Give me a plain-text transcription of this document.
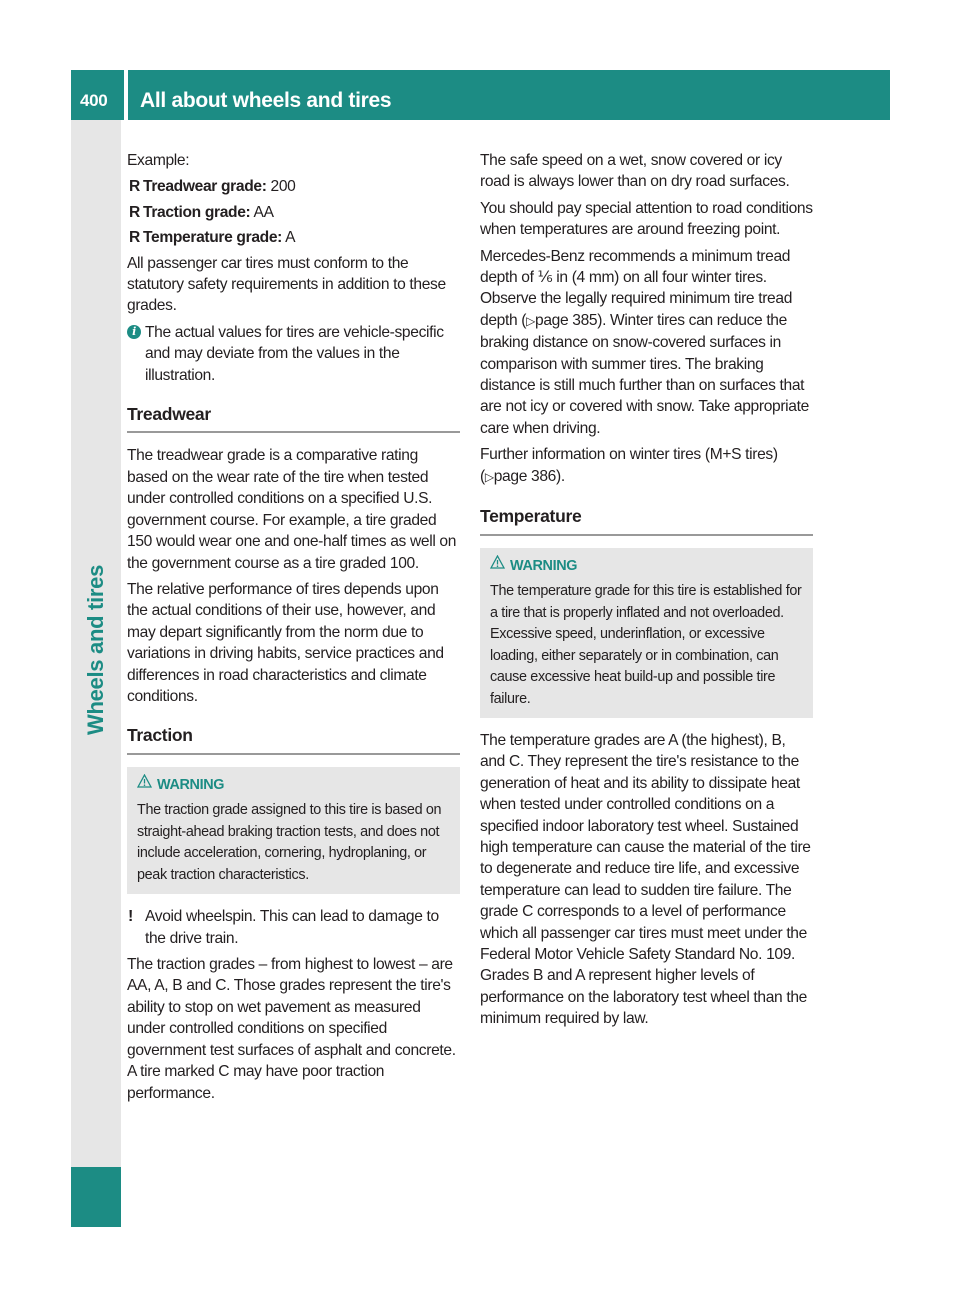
400 All about wheels and tires
Wheels and tires

Example:

R Treadwear grade: 200
R Traction grade: AA
R Temperature grade: A

All passenger car tires must conform to the statutory safety requirements in addition to these grades.

i The actual values for tires are vehicle-specific and may deviate from the values in the illustration.
Treadwear

The treadwear grade is a comparative rating based on the wear rate of the tire when tested under controlled conditions on a specified U.S. government course. For example, a tire graded 150 would wear one and one-half times as well on the government course as a tire graded 100.

The relative performance of tires depends upon the actual conditions of their use, however, and may depart significantly from the norm due to variations in driving habits, service practices and differences in road characteristics and climate conditions.

Traction
WARNING
The traction grade assigned to this tire is based on straight-ahead braking traction tests, and does not include acceleration, cornering, hydroplaning, or peak traction characteristics.
! Avoid wheelspin. This can lead to damage to the drive train.

The traction grades – from highest to lowest – are AA, A, B and C. Those grades represent the tire's ability to stop on wet pavement as measured under controlled conditions on specified government test surfaces of asphalt and concrete. A tire marked C may have poor traction performance.

The safe speed on a wet, snow covered or icy road is always lower than on dry road surfaces.

You should pay special attention to road conditions when temperatures are around freezing point.

Mercedes-Benz recommends a minimum tread depth of ⅙ in (4 mm) on all four winter tires. Observe the legally required minimum tire tread depth (▷page 385). Winter tires can reduce the braking distance on snow-covered surfaces in comparison with summer tires. The braking distance is still much further than on surfaces that are not icy or covered with snow. Take appropriate care when driving.

Further information on winter tires (M+S tires) (▷page 386).

Temperature
WARNING
The temperature grade for this tire is established for a tire that is properly inflated and not overloaded. Excessive speed, underinflation, or excessive loading, either separately or in combination, can cause excessive heat build-up and possible tire failure.

The temperature grades are A (the highest), B, and C. They represent the tire's resistance to the generation of heat and its ability to dissipate heat when tested under controlled conditions on a specified indoor laboratory test wheel. Sustained high temperature can cause the material of the tire to degenerate and reduce tire life, and excessive temperature can lead to sudden tire failure. The grade C corresponds to a level of performance which all passenger car tires must meet under the Federal Motor Vehicle Safety Standard No. 109. Grades B and A represent higher levels of performance on the laboratory test wheel than the minimum required by law.
